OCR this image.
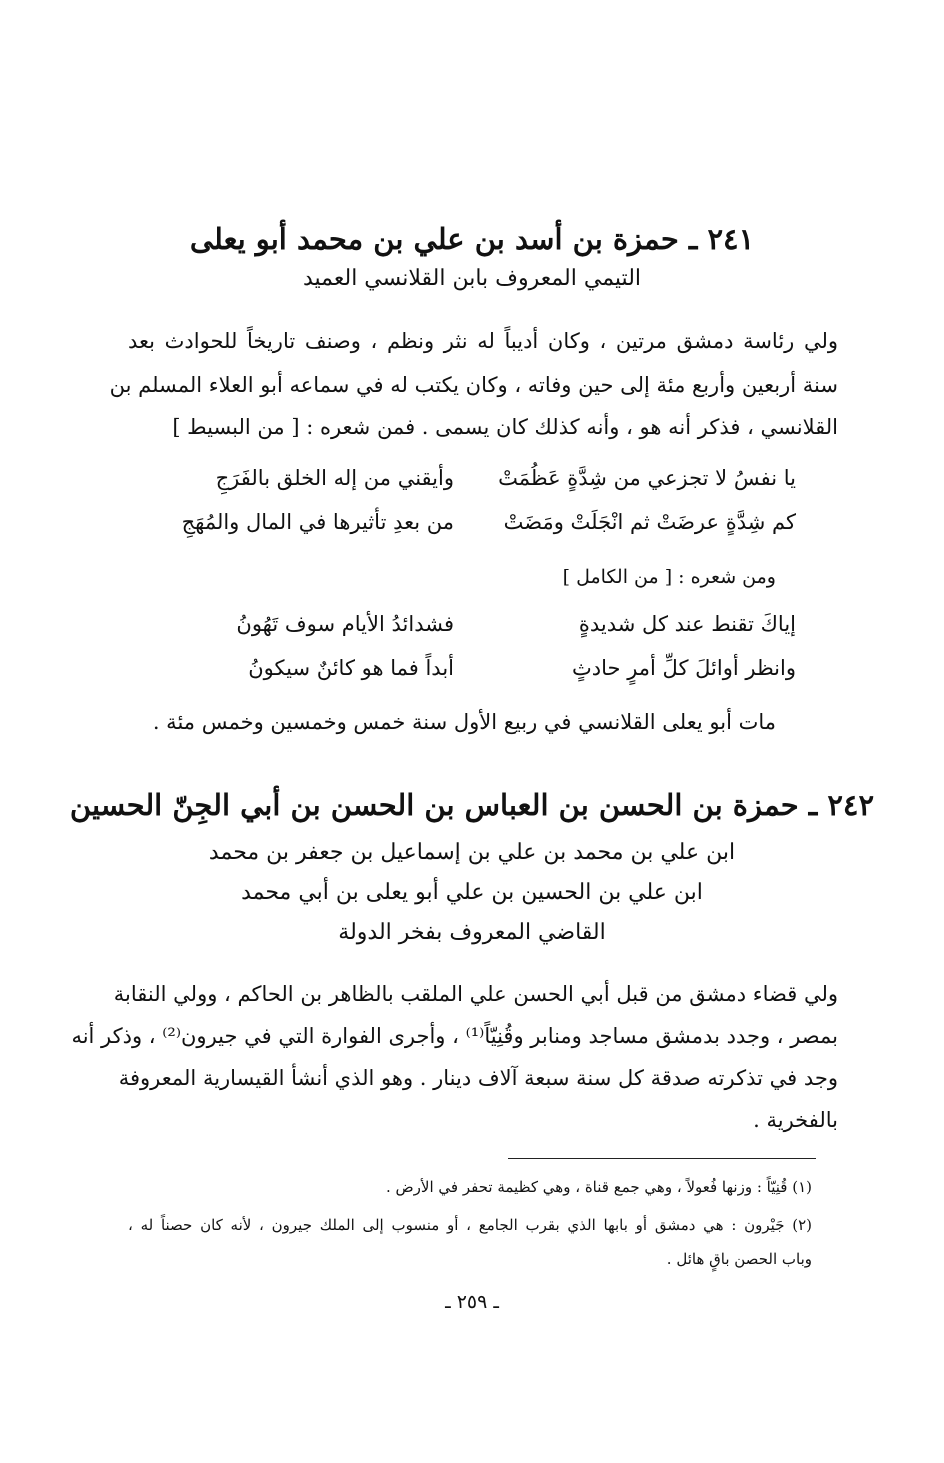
٢٤١ ـ حمزة بن أسد بن علي بن محمد أبو يعلى
التيمي المعروف بابن القلانسي العميد
ولي رئاسة دمشق مرتين ، وكان أديباً له نثر ونظم ، وصنف تاريخاً للحوادث بعد
سنة أربعين وأربع مئة إلى حين وفاته ، وكان يكتب له في سماعه أبو العلاء المسلم بن
القلانسي ، فذكر أنه هو ، وأنه كذلك كان يسمى . فمن شعره : [ من البسيط ]
يا نفسُ لا تجزعي من شِدَّةٍ عَظُمَتْ
وأيقني من إله الخلق بالفَرَجِ
كم شِدَّةٍ عرضَتْ ثم انْجَلَتْ ومَضَتْ
من بعدِ تأثيرها في المال والمُهَجِ
ومن شعره : [ من الكامل ]
إياكَ تقنط عند كل شديدةٍ
فشدائدُ الأيام سوف تَهُونُ
وانظر أوائلَ كلِّ أمرٍ حادثٍ
أبداً فما هو كائنٌ سيكونُ
مات أبو يعلى القلانسي في ربيع الأول سنة خمس وخمسين وخمس مئة .
٢٤٢ ـ حمزة بن الحسن بن العباس بن الحسن بن أبي الجِنّ الحسين
ابن علي بن محمد بن علي بن إسماعيل بن جعفر بن محمد
ابن علي بن الحسين بن علي أبو يعلى بن أبي محمد
القاضي المعروف بفخر الدولة
ولي قضاء دمشق من قبل أبي الحسن علي الملقب بالظاهر بن الحاكم ، وولي النقابة
بمصر ، وجدد بدمشق مساجد ومنابر وقُنِيّاً⁽¹⁾ ، وأجرى الفوارة التي في جيرون⁽²⁾ ، وذكر أنه
وجد في تذكرته صدقة كل سنة سبعة آلاف دينار . وهو الذي أنشأ القيسارية المعروفة
بالفخرية .
(١) قُنِيّاً : وزنها فُعولاً ، وهي جمع قناة ، وهي كظيمة تحفر في الأرض .
(٢) جَيْرون : هي دمشق أو بابها الذي بقرب الجامع ، أو منسوب إلى الملك جيرون ، لأنه كان حصناً له ،
وباب الحصن باقٍ هائل .
ـ ٢٥٩ ـ
